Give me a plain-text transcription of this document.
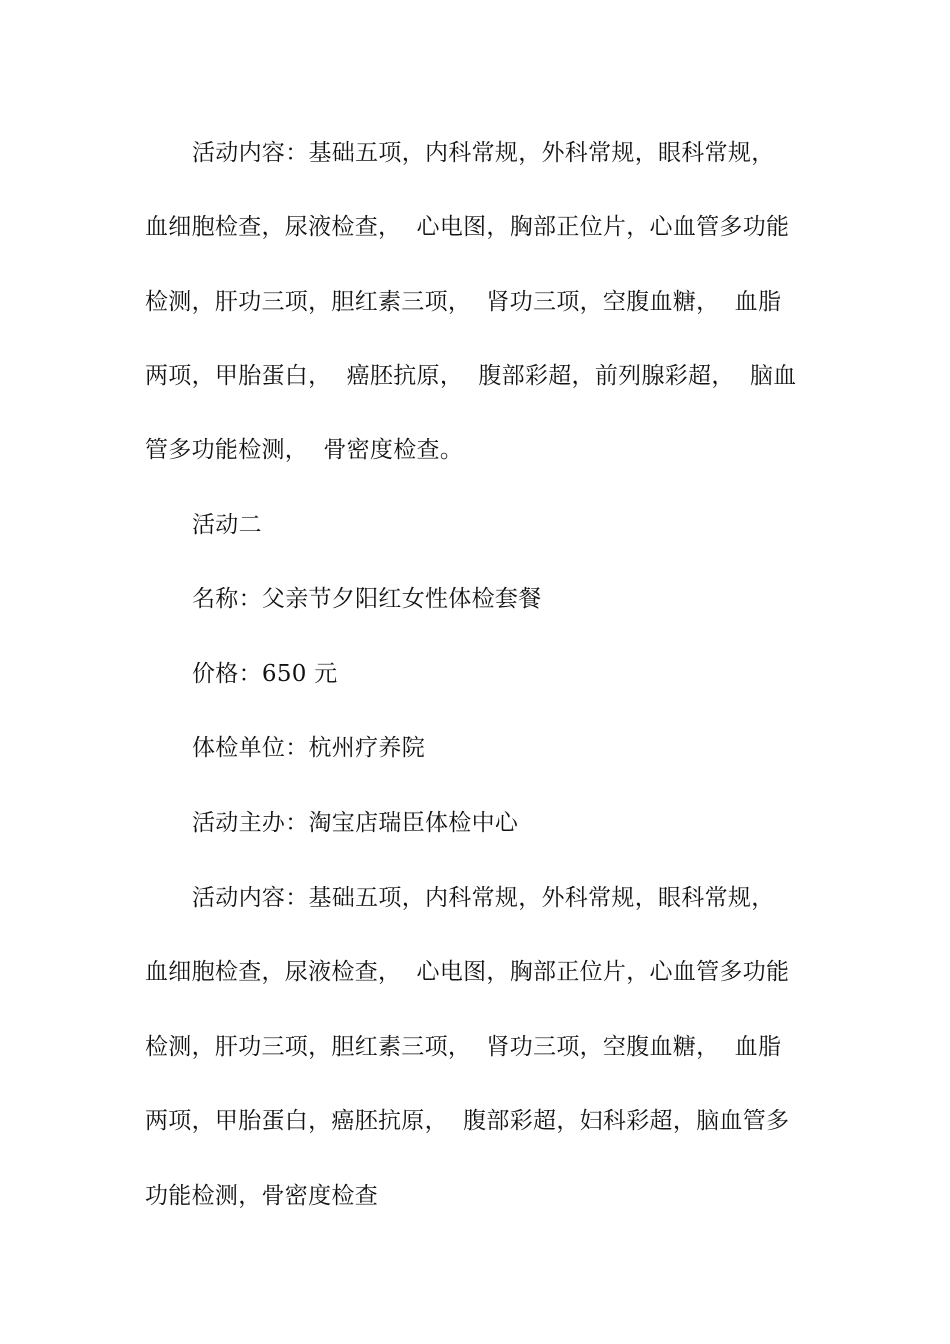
活动内容：基础五项，内科常规，外科常规，眼科常规，
血细胞检查，尿液检查，  心电图，胸部正位片，心血管多功能
检测，肝功三项，胆红素三项，  肾功三项，空腹血糖，  血脂
两项，甲胎蛋白，  癌胚抗原，  腹部彩超，前列腺彩超，  脑血
管多功能检测，  骨密度检查。
活动二
名称：父亲节夕阳红女性体检套餐
价格：650 元
体检单位：杭州疗养院
活动主办：淘宝店瑞臣体检中心
活动内容：基础五项，内科常规，外科常规，眼科常规，
血细胞检查，尿液检查，  心电图，胸部正位片，心血管多功能
检测，肝功三项，胆红素三项，  肾功三项，空腹血糖，  血脂
两项，甲胎蛋白，癌胚抗原，  腹部彩超，妇科彩超，脑血管多
功能检测，骨密度检查
